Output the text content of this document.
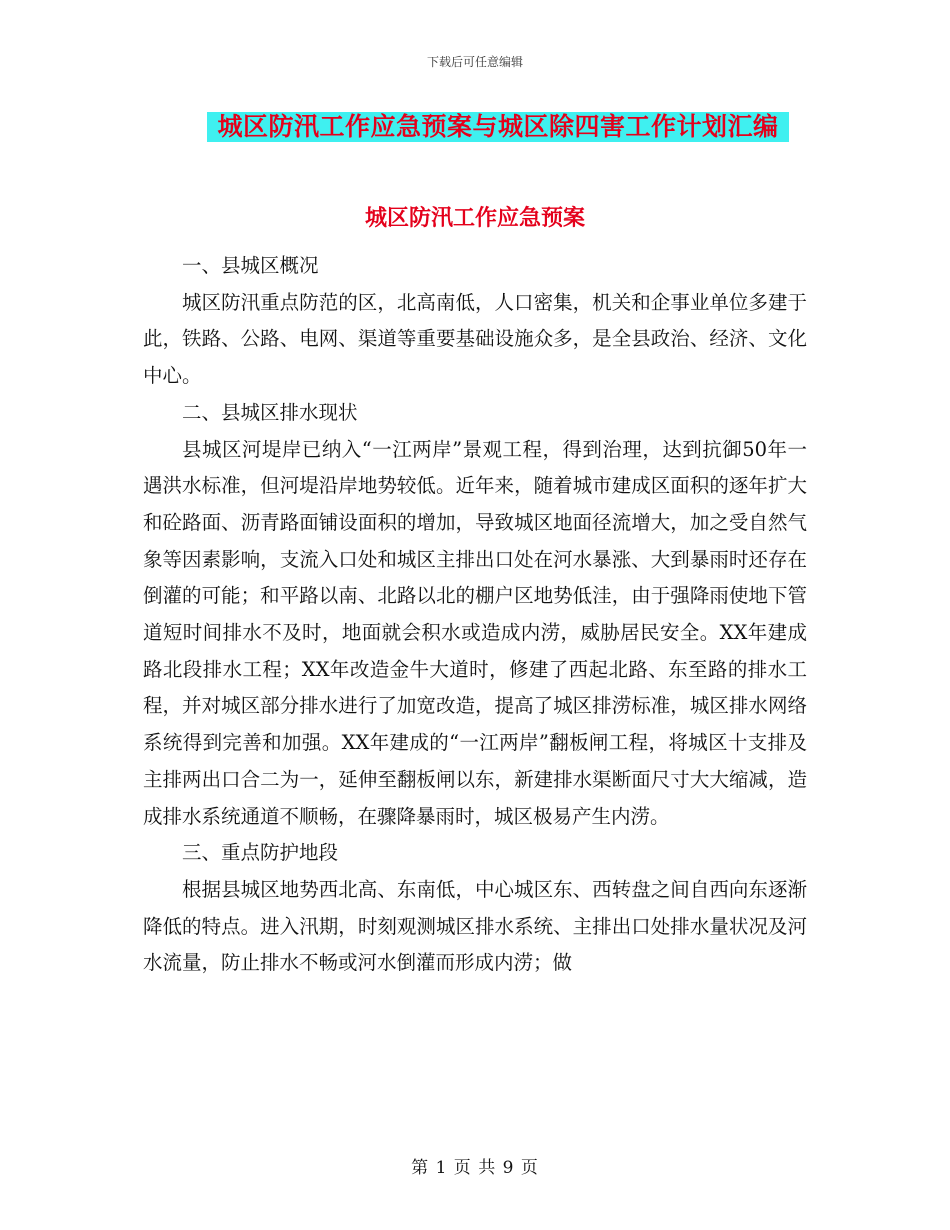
下载后可任意编辑
城区防汛工作应急预案与城区除四害工作计划汇编
城区防汛工作应急预案

一、县城区概况

城区防汛重点防范的区，北高南低，人口密集，机关和企事业单位多建于此，铁路、公路、电网、渠道等重要基础设施众多，是全县政治、经济、文化中心。

二、县城区排水现状

县城区河堤岸已纳入“一江两岸”景观工程，得到治理，达到抗御50年一遇洪水标准，但河堤沿岸地势较低。近年来，随着城市建成区面积的逐年扩大和砼路面、沥青路面铺设面积的增加，导致城区地面径流增大，加之受自然气象等因素影响，支流入口处和城区主排出口处在河水暴涨、大到暴雨时还存在倒灌的可能；和平路以南、北路以北的棚户区地势低洼，由于强降雨使地下管道短时间排水不及时，地面就会积水或造成内涝，威胁居民安全。XX年建成路北段排水工程；XX年改造金牛大道时，修建了西起北路、东至路的排水工程，并对城区部分排水进行了加宽改造，提高了城区排涝标准，城区排水网络系统得到完善和加强。XX年建成的“一江两岸”翻板闸工程，将城区十支排及主排两出口合二为一，延伸至翻板闸以东，新建排水渠断面尺寸大大缩减，造成排水系统通道不顺畅，在骤降暴雨时，城区极易产生内涝。

三、重点防护地段

根据县城区地势西北高、东南低，中心城区东、西转盘之间自西向东逐渐降低的特点。进入汛期，时刻观测城区排水系统、主排出口处排水量状况及河水流量，防止排水不畅或河水倒灌而形成内涝；做

第 1 页 共 9 页
